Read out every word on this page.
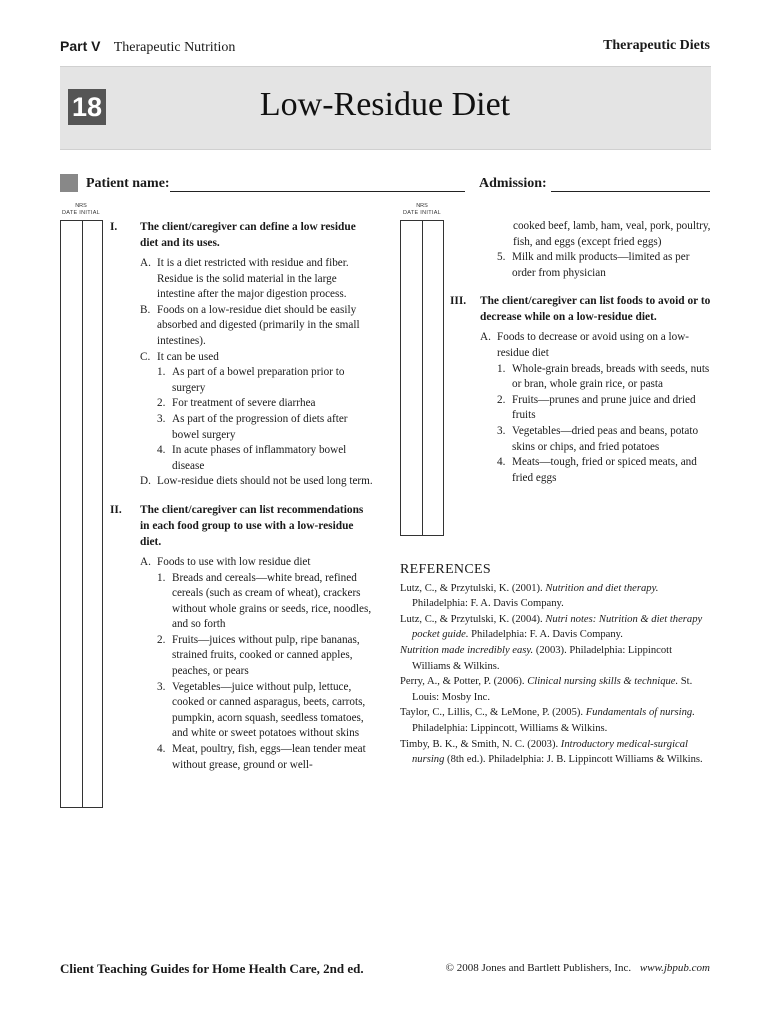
Part V Therapeutic Nutrition	Therapeutic Diets
18	Low-Residue Diet
Patient name:	Admission:
NRS
DATE INITIAL
NRS
DATE INITIAL
I.	The client/caregiver can define a low residue diet and its uses.
A. It is a diet restricted with residue and fiber. Residue is the solid material in the large intestine after the major digestion process.
B. Foods on a low-residue diet should be easily absorbed and digested (primarily in the small intestines).
C. It can be used
1. As part of a bowel preparation prior to surgery
2. For treatment of severe diarrhea
3. As part of the progression of diets after bowel surgery
4. In acute phases of inflammatory bowel disease
D. Low-residue diets should not be used long term.
II.	The client/caregiver can list recommendations in each food group to use with a low-residue diet.
A. Foods to use with low residue diet
1. Breads and cereals—white bread, refined cereals (such as cream of wheat), crackers without whole grains or seeds, rice, noodles, and so forth
2. Fruits—juices without pulp, ripe bananas, strained fruits, cooked or canned apples, peaches, or pears
3. Vegetables—juice without pulp, lettuce, cooked or canned asparagus, beets, carrots, pumpkin, acorn squash, seedless tomatoes, and white or sweet potatoes without skins
4. Meat, poultry, fish, eggs—lean tender meat without grease, ground or well-
cooked beef, lamb, ham, veal, pork, poultry, fish, and eggs (except fried eggs)
5. Milk and milk products—limited as per order from physician
III.	The client/caregiver can list foods to avoid or to decrease while on a low-residue diet.
A. Foods to decrease or avoid using on a low-residue diet
1. Whole-grain breads, breads with seeds, nuts or bran, whole grain rice, or pasta
2. Fruits—prunes and prune juice and dried fruits
3. Vegetables—dried peas and beans, potato skins or chips, and fried potatoes
4. Meats—tough, fried or spiced meats, and fried eggs
REFERENCES
Lutz, C., & Przytulski, K. (2001). Nutrition and diet therapy. Philadelphia: F. A. Davis Company.
Lutz, C., & Przytulski, K. (2004). Nutri notes: Nutrition & diet therapy pocket guide. Philadelphia: F. A. Davis Company.
Nutrition made incredibly easy. (2003). Philadelphia: Lippincott Williams & Wilkins.
Perry, A., & Potter, P. (2006). Clinical nursing skills & technique. St. Louis: Mosby Inc.
Taylor, C., Lillis, C., & LeMone, P. (2005). Fundamentals of nursing. Philadelphia: Lippincott, Williams & Wilkins.
Timby, B. K., & Smith, N. C. (2003). Introductory medical-surgical nursing (8th ed.). Philadelphia: J. B. Lippincott Williams & Wilkins.
Client Teaching Guides for Home Health Care, 2nd ed.	© 2008 Jones and Bartlett Publishers, Inc. www.jbpub.com
